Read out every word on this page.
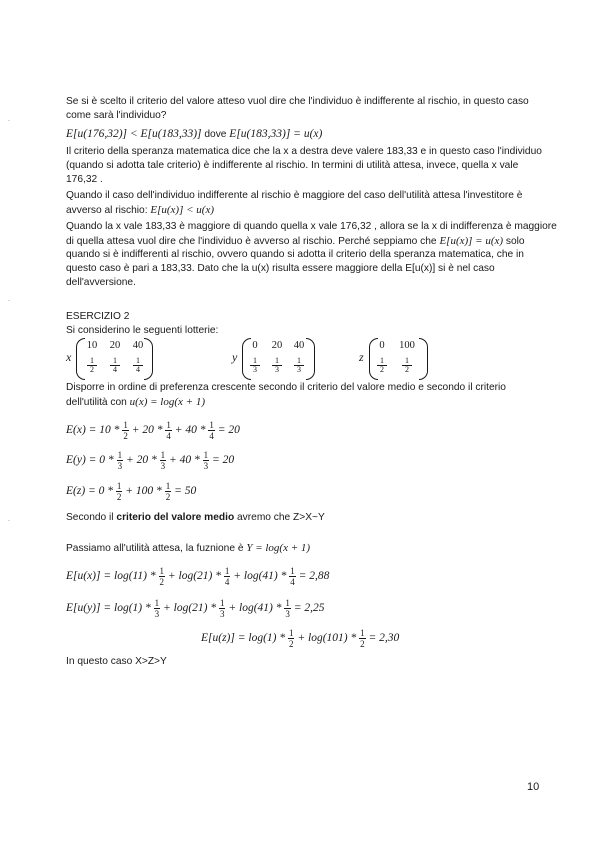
Se si è scelto il criterio del valore atteso vuol dire che l'individuo è indifferente al rischio, in questo caso
come sarà l'individuo?
E[u(176,32)] < E[u(183,33)] dove E[u(183,33)] = u(x)
Il criterio della speranza matematica dice che la x a destra deve valere 183,33 e in questo caso l'individuo
(quando si adotta tale criterio) è indifferente al rischio. In termini di utilità attesa, invece, quella x vale
176,32 .
Quando il caso dell'individuo indifferente al rischio è maggiore del caso dell'utilità attesa l'investitore è
avverso al rischio: E[u(x)] < u(x)
Quando la x vale 183,33 è maggiore di quando quella x vale 176,32 , allora se la x di indifferenza è maggiore
di quella attesa vuol dire che l'individuo è avverso al rischio. Perché seppiamo che E[u(x)] = u(x) solo
quando si è indifferenti al rischio, ovvero quando si adotta il criterio della speranza matematica, che in
questo caso è pari a 183,33. Dato che la u(x) risulta essere maggiore della E[u(x)] si è nel caso
dell'avversione.
ESERCIZIO 2
Si considerino le seguenti lotterie:
x
10	20	40
1
2
1
4
1
4
y
0	20	40
1
3
1
3
1
3
z
0	100
1
2
1
2
Disporre in ordine di preferenza crescente secondo il criterio del valore medio e secondo il criterio
dell'utilità con u(x) = log⁡(x + 1)
$E(x) = 10 * \frac{1}{2} + 20 * \frac{1}{4} + 40 * \frac{1}{4} = 20$
$E(y) = 0 * \frac{1}{3} + 20 * \frac{1}{3} + 40 * \frac{1}{3} = 20$
$E(z) = 0 * \frac{1}{2} + 100 * \frac{1}{2} = 50$
Secondo il criterio del valore medio avremo che Z>X~Y
Passiamo all'utilità attesa, la fuznione è Y = log⁡(x + 1)
$E[u(x)] = \log(11) * \frac{1}{2} + \log(21) * \frac{1}{4} + \log(41) * \frac{1}{4} = 2,88$
$E[u(y)] = \log(1) * \frac{1}{3} + \log(21) * \frac{1}{3} + \log(41) * \frac{1}{3} = 2,25$
$E[u(z)] = \log(1) * \frac{1}{2} + \log(101) * \frac{1}{2} = 2,30$
In questo caso X>Z>Y
10
